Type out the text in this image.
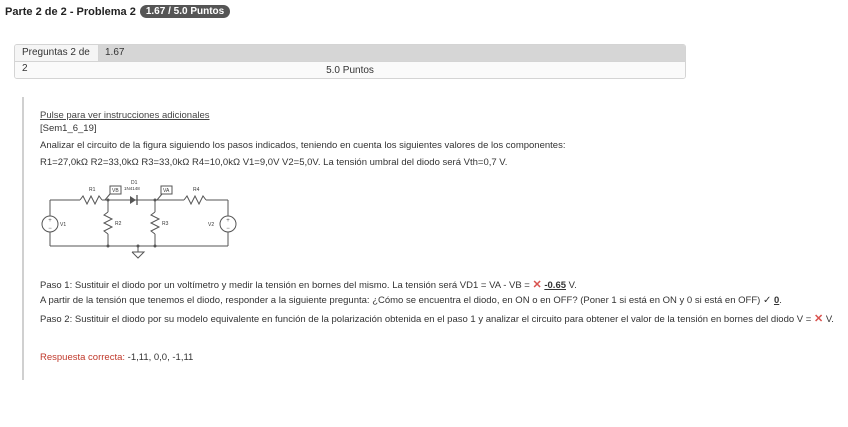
Parte 2 de 2 - Problema 2	1.67 / 5.0 Puntos
Preguntas 2 de 2
1.67
5.0 Puntos
Pulse para ver instrucciones adicionales
[Sem1_6_19]
Analizar el circuito de la figura siguiendo los pasos indicados, teniendo en cuenta los siguientes valores de los componentes:
R1=27,0kΩ R2=33,0kΩ R3=33,0kΩ R4=10,0kΩ V1=9,0V V2=5,0V. La tensión umbral del diodo será Vth=0,7 V.
+
−
+
−
R1	VB
D1
1N4148	VA	R4
R2	R3
V1	V2
Paso 1: Sustituir el diodo por un voltímetro y medir la tensión en bornes del mismo. La tensión será VD1 = VA - VB = ✕ -0.65 V.
A partir de la tensión que tenemos el diodo, responder a la siguiente pregunta: ¿Cómo se encuentra el diodo, en ON o en OFF? (Poner 1 si está en ON y 0 si está en OFF) ✓ 0.
Paso 2: Sustituir el diodo por su modelo equivalente en función de la polarización obtenida en el paso 1 y analizar el circuito para obtener el valor de la tensión en bornes del diodo V = ✕ V.
Respuesta correcta: -1,11, 0,0, -1,11
